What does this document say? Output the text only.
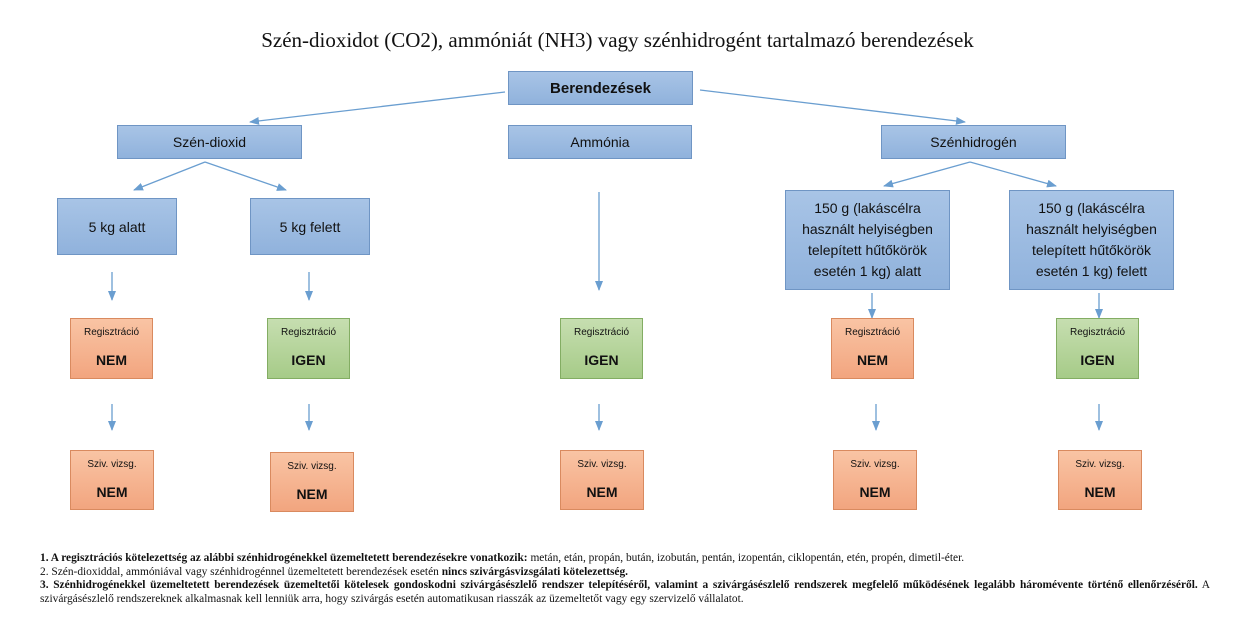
Szén-dioxidot (CO2), ammóniát (NH3) vagy szénhidrogént tartalmazó berendezések
Berendezések
Szén-dioxid	Ammónia	Szénhidrogén
5 kg alatt	5 kg felett
150 g (lakáscélra használt helyiségben telepített hűtőkörök esetén 1 kg) alatt
150 g (lakáscélra használt helyiségben telepített hűtőkörök esetén 1 kg) felett
Regisztráció
NEM
Regisztráció
IGEN
Regisztráció
IGEN
Regisztráció
NEM
Regisztráció
IGEN
Sziv. vizsg.
NEM
Sziv. vizsg.
NEM
Sziv. vizsg.
NEM
Sziv. vizsg.
NEM
Sziv. vizsg.
NEM

1. A regisztrációs kötelezettség az alábbi szénhidrogénekkel üzemeltetett berendezésekre vonatkozik: metán, etán, propán, bután, izobután, pentán, izopentán, ciklopentán, etén, propén, dimetil-éter.

2. Szén-dioxiddal, ammóniával vagy szénhidrogénnel üzemeltetett berendezések esetén nincs szivárgásvizsgálati kötelezettség.

3. Szénhidrogénekkel üzemeltetett berendezések üzemeltetői kötelesek gondoskodni szivárgásészlelő rendszer telepítéséről, valamint a szivárgásészlelő rendszerek megfelelő működésének legalább háromévente történő ellenőrzéséről. A szivárgásészlelő rendszereknek alkalmasnak kell lenniük arra, hogy szivárgás esetén automatikusan riasszák az üzemeltetőt vagy egy szervizelő vállalatot.
